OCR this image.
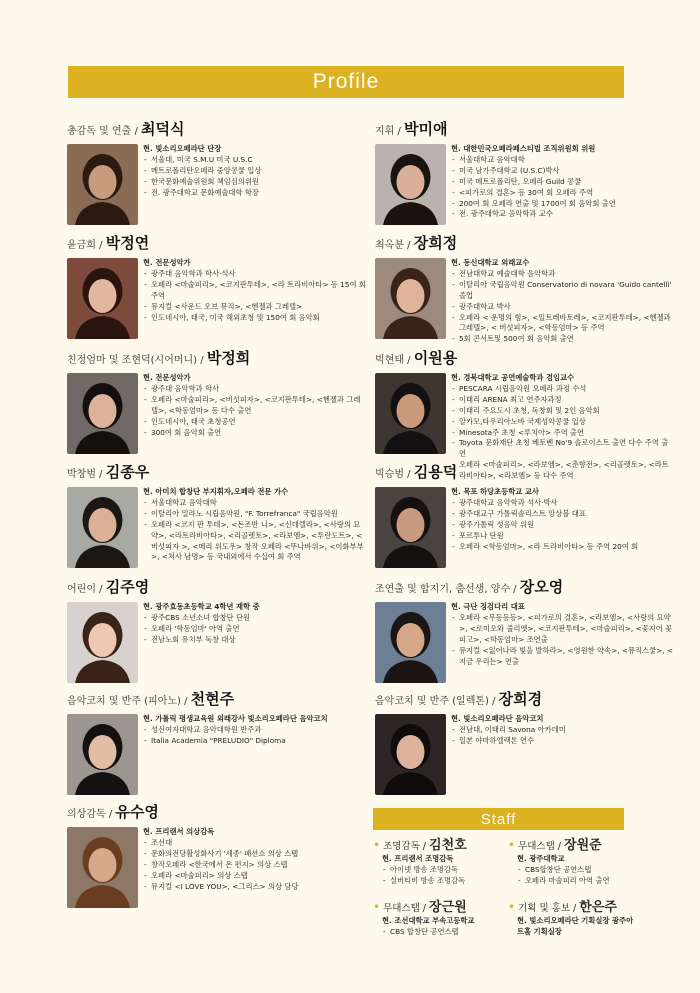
Profile
총감독 및 연출 / 최덕식
현. 빛소리오페라단 단장
- 서울대, 미국 S.M.U 미국 U.S.C
- 메트로폴리탄오페라 중앙콩쿨 입상
- 한국문화예술위원회 책임심의위원
- 전. 광주대학교 문화예술대학 학장
지휘 / 박미애
현. 대한민국오페라페스티벌 조직위원회 위원
- 서울대학교 음악대학
- 미국 남가주대학교 (U.S.C)박사
- 미국 메트로폴리탄, 오페라 Guild 콩쿨
- <피가로의 결혼> 등 30여 회 오페라 주역
- 200여 회 오페라 연출 및 1700여 회 음악회 출연
- 전. 광주대학교 음악학과 교수
윤금희 / 박정연
현. 전문성악가
- 광주대 음악학과 학사·석사
- 오페라 <마술피리>, <코지판투테>, <라 트라비아타> 등 15여 회 주역
- 뮤지컬 <사운드 오브 뮤직>, <헨젤과 그레텔>
- 인도네시아, 태국, 미국 해외초청 및 150여 회 음악회
최옥분 / 장희정
현. 동신대학교 외래교수
- 전남대학교 예술대학 음악학과
- 이탈리아 국립음악원 Conservatorio di novara 'Guido cantelli' 졸업
- 광주대학교 박사
- 오페라 < 운명의 힘>, <일트레바토레>, <코지판투테>, <헨젤과 그레텔>, < 버섯피자>, <학동엄마> 등 주역
- 5회 콘서트및 500여 회 음악회 출연
친정엄마 및 조현덕(시어머니) / 박정희
현. 전문성악가
- 광주대 음악학과 학사
- 오페라 <마술피리>, <버섯피자>, <코지판투테>, <헨젤과 그레텔>, <학동엄마> 등 다수 출연
- 인도네시아, 태국 초청공연
- 300여 회 음악회 출연
빅현태 / 이원용
현. 경북대학교 공연예술학과 겸임교수
- PESCARA 시립음악원 오페라 과정 수석
- 이태리 ARENA 최고 연주자과정
- 이태리 주요도시 초청, 독창회 및 2인 음악회
- 알카모,타우리아노바 국제성악콩쿨 입상
- Minesota주 초청 <루치아> 주역 출연
- Toyota 문화재단 초청 베토벤 No'9 솔로이스트 출연 다수 주역 출연
- 오페라 <마술피리>, <라보엠>, <춘향전>, <리골렛토>, <라트라비아타>, <라보엠> 등 다수 주역
박창범 / 김종우
현. 아미치 합창단 부지휘자,오페라 전문 가수
- 서울대학교 음악대학
- 이탈리아 밀라노 시립음악원, "F. Torrefranca" 국립음악원
- 오페라 <코지 판 투테>, <돈조반 니>, <신데렐라>, <사랑의 묘약>, <라트라비아타>, <리골렛토>, <라보엠>, <투란도트>, <버섯피자 >, <메리 위도우> 창작 오페라 <뚜나바위>, <이화부부>, <처사 남명> 등 국내외에서 수십여 회 주역
빅승범 / 김용덕
현. 목포 하당초등학교 교사
- 광주대학교 음악학과 석사·박사
- 광주대교구 가톨릭솔리스트 앙상블 대표
- 광주가톨릭 성음악 위원
- 포르투나 단원
- 오페라 <학동엄마>, <라 트라비아타> 등 주역 20여 회
어린이 / 김주영
현. 광주효동초등학교 4학년 재학 중
- 광주CBS 소년소녀 합창단 단원
- 오페라 '학동엄마' 아역 출연
- 전남노회 유치부 독창 대상
조연출 및 합지기, 춤선생, 양수 / 장오영
현. 극단 징검다리 대표
- 오페라 <무등등등>, <피가로의 결혼>, <라보엠>, <사랑의 묘약>, <로미오와 줄리엣>, <코지판투테>, <마술피리>, <꽃지어 꽃피고>, <학동엄마> 조연출
- 뮤지컬 <잃어나라 빛을 발하라>, <영원한 약속>, <뮤직스쿨>, <지금 우리는> 연출
음악코치 및 반주 (피아노) / 천현주
현. 가톨릭 평생교육원 외래강사 빛소리오페라단 음악코치
- 성신여자대학교 음악대학원 반주과
- Italia Academia "PRELUDIO" Diploma
음악코치 및 반주 (일렉톤) / 장희경
현. 빛소리오페라단 음악코치
- 전남대, 이태리 Savona 아카데미
- 일본 야마하엘렉톤 연수
의상감독 / 유수영
현. 프리랜서 의상감독
- 조선대
- 문화의전당활성화사기 '세종' 패션쇼 의상 스탭
- 창작오페라 <한국에서 온 편지> 의상 스탭
- 오페라 <마술피리> 의상 스탭
- 뮤지컬 <I LOVE YOU>, <그리스> 의상 담당
Staff
• 조명감독 / 김천호
현. 프리랜서 조명감독
- 아이넷 방송 조명감독
- 실버티비 방송 조명감독
• 무대스탭 / 장원준
현. 광주대학교
- CBS합창단 공연스탭
- 오페라 마술피리 아역 출연
• 무대스탭 / 장근원
현. 조선대학교 부속고등학교
- CBS 합창단 공연스탭
• 기획 및 홍보 / 한은주
현. 빛소리오페라단 기획실장 광주아트홀 기획실장
